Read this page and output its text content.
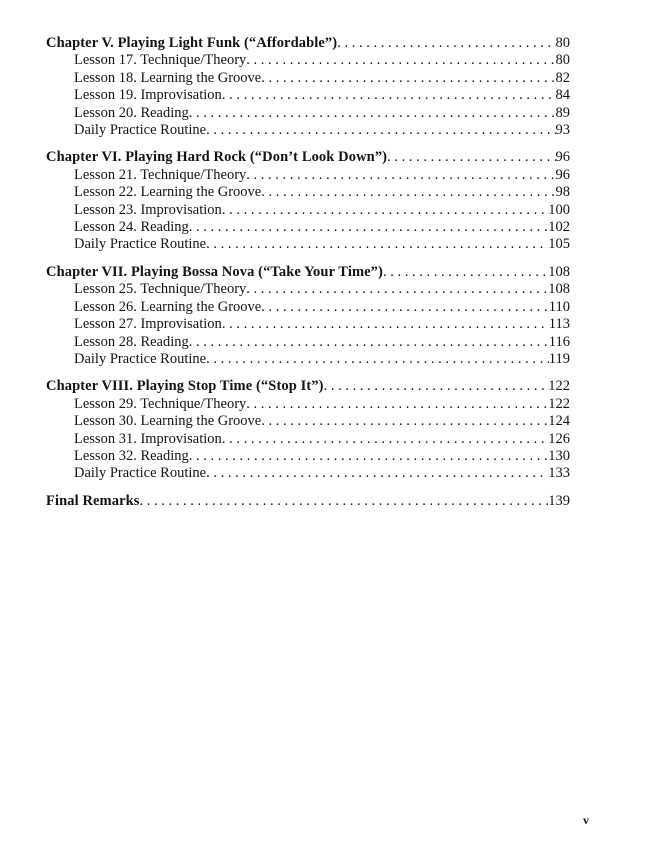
Chapter V. Playing Light Funk (“Affordable”) . . .	80
Lesson 17. Technique/Theory . . .	80
Lesson 18. Learning the Groove . . .	82
Lesson 19. Improvisation . . .	84
Lesson 20. Reading . . .	89
Daily Practice Routine . . .	93
Chapter VI. Playing Hard Rock (“Don’t Look Down”) . . .	96
Lesson 21. Technique/Theory . . .	96
Lesson 22. Learning the Groove . . .	98
Lesson 23. Improvisation . . .	100
Lesson 24. Reading . . .	102
Daily Practice Routine . . .	105
Chapter VII. Playing Bossa Nova (“Take Your Time”) . . .	108
Lesson 25. Technique/Theory . . .	108
Lesson 26. Learning the Groove . . .	110
Lesson 27. Improvisation . . .	113
Lesson 28. Reading . . .	116
Daily Practice Routine . . .	119
Chapter VIII. Playing Stop Time (“Stop It”) . . .	122
Lesson 29. Technique/Theory . . .	122
Lesson 30. Learning the Groove . . .	124
Lesson 31. Improvisation . . .	126
Lesson 32. Reading . . .	130
Daily Practice Routine . . .	133
Final Remarks . . .	139
v
